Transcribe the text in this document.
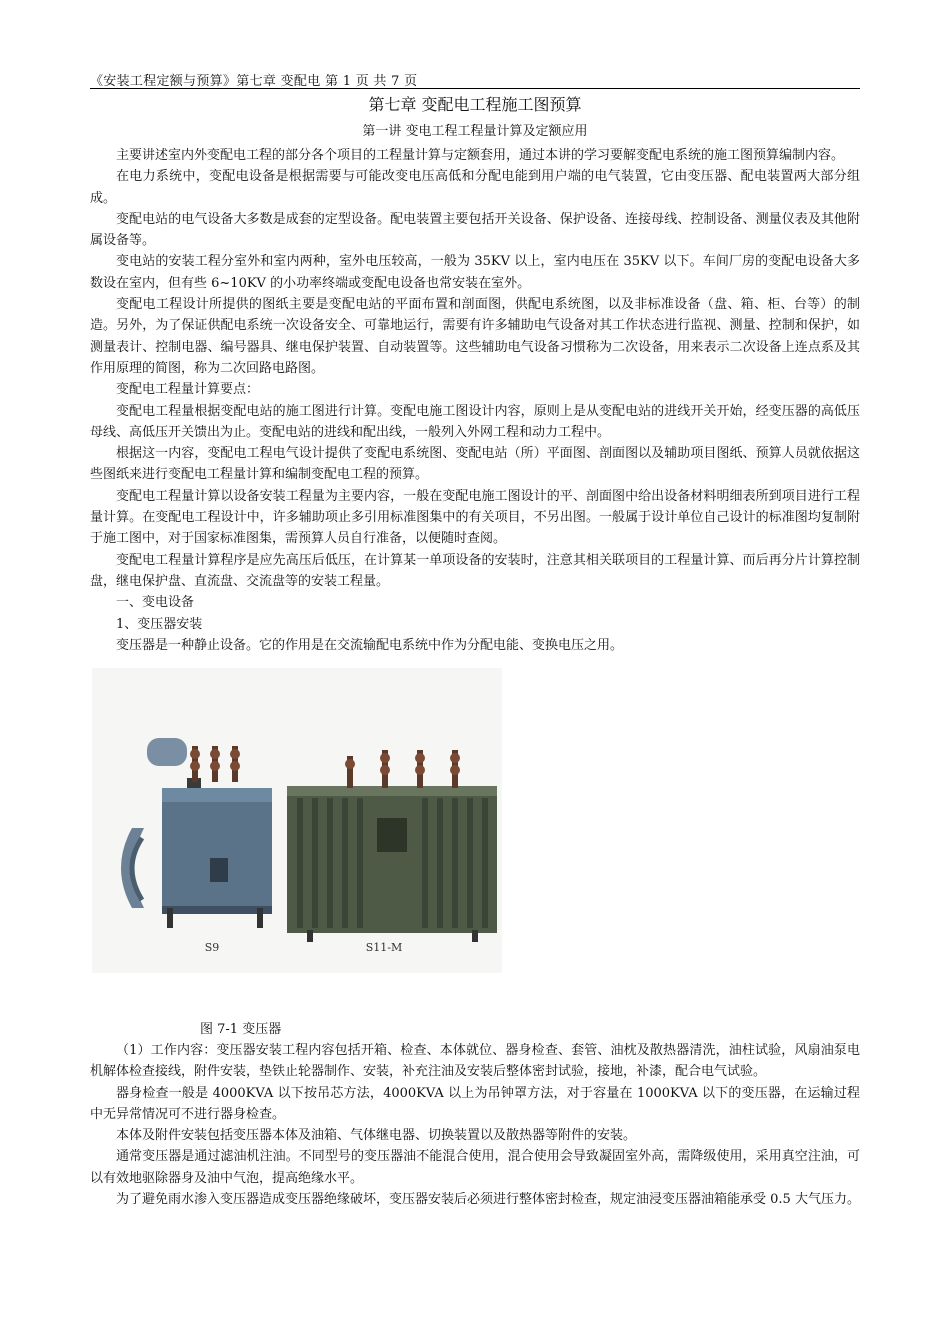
《安装工程定额与预算》第七章 变配电 第 1 页 共 7 页
第七章 变配电工程施工图预算
第一讲 变电工程工程量计算及定额应用

主要讲述室内外变配电工程的部分各个项目的工程量计算与定额套用，通过本讲的学习要解变配电系统的施工图预算编制内容。

在电力系统中，变配电设备是根据需要与可能改变电压高低和分配电能到用户端的电气装置，它由变压器、配电装置两大部分组成。

变配电站的电气设备大多数是成套的定型设备。配电装置主要包括开关设备、保护设备、连接母线、控制设备、测量仪表及其他附属设备等。

变电站的安装工程分室外和室内两种，室外电压较高，一般为 35KV 以上，室内电压在 35KV 以下。车间厂房的变配电设备大多数设在室内，但有些 6~10KV 的小功率终端或变配电设备也常安装在室外。

变配电工程设计所提供的图纸主要是变配电站的平面布置和剖面图，供配电系统图，以及非标准设备（盘、箱、柜、台等）的制造。另外，为了保证供配电系统一次设备安全、可靠地运行，需要有许多辅助电气设备对其工作状态进行监视、测量、控制和保护，如测量表计、控制电器、编号器具、继电保护装置、自动装置等。这些辅助电气设备习惯称为二次设备，用来表示二次设备上连点系及其作用原理的简图，称为二次回路电路图。

变配电工程量计算要点：

变配电工程量根据变配电站的施工图进行计算。变配电施工图设计内容，原则上是从变配电站的进线开关开始，经变压器的高低压母线、高低压开关馈出为止。变配电站的进线和配出线，一般列入外网工程和动力工程中。

根据这一内容，变配电工程电气设计提供了变配电系统图、变配电站（所）平面图、剖面图以及辅助项目图纸、预算人员就依据这些图纸来进行变配电工程量计算和编制变配电工程的预算。

变配电工程量计算以设备安装工程量为主要内容，一般在变配电施工图设计的平、剖面图中给出设备材料明细表所到项目进行工程量计算。在变配电工程设计中，许多辅助项止多引用标准图集中的有关项目，不另出图。一般属于设计单位自己设计的标准图均复制附于施工图中，对于国家标准图集，需预算人员自行准备，以便随时查阅。

变配电工程量计算程序是应先高压后低压，在计算某一单项设备的安装时，注意其相关联项目的工程量计算、而后再分片计算控制盘，继电保护盘、直流盘、交流盘等的安装工程量。

一、变电设备

1、变压器安装

变压器是一种静止设备。它的作用是在交流输配电系统中作为分配电能、变换电压之用。

S9	S11-M
图 7-1 变压器

（1）工作内容：变压器安装工程内容包括开箱、检查、本体就位、器身检查、套管、油枕及散热器清洗，油柱试验，风扇油泵电机解体检查接线，附件安装，垫铁止轮器制作、安装，补充注油及安装后整体密封试验，接地，补漆，配合电气试验。

器身检查一般是 4000KVA 以下按吊芯方法，4000KVA 以上为吊钟罩方法，对于容量在 1000KVA 以下的变压器，在运输过程中无异常情况可不进行器身检查。

本体及附件安装包括变压器本体及油箱、气体继电器、切换装置以及散热器等附件的安装。

通常变压器是通过滤油机注油。不同型号的变压器油不能混合使用，混合使用会导致凝固室外高，需降级使用，采用真空注油，可以有效地驱除器身及油中气泡，提高绝缘水平。

为了避免雨水渗入变压器造成变压器绝缘破坏，变压器安装后必须进行整体密封检查，规定油浸变压器油箱能承受 0.5 大气压力。
